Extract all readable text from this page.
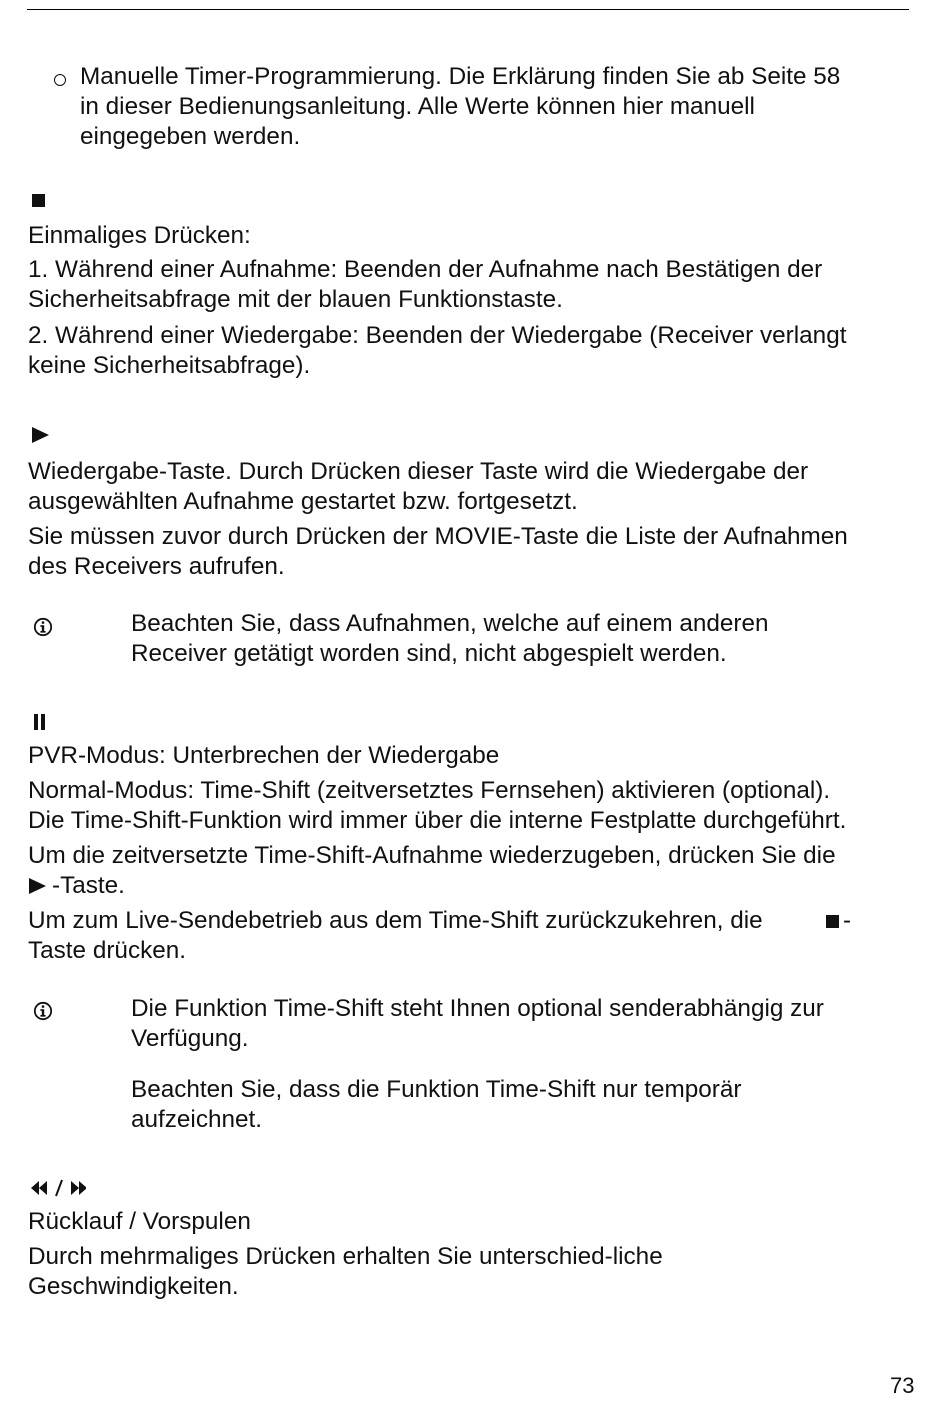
Manuelle Timer-Programmierung. Die Erklärung finden Sie ab Seite 58

in dieser Bedienungsanleitung. Alle Werte können hier manuell

eingegeben werden.

Einmaliges Drücken:

1. Während einer Aufnahme: Beenden der Aufnahme nach Bestätigen der

Sicherheitsabfrage mit der blauen Funktionstaste.

2. Während einer Wiedergabe: Beenden der Wiedergabe (Receiver verlangt

keine Sicherheitsabfrage).

Wiedergabe-Taste. Durch Drücken dieser Taste wird die Wiedergabe der

ausgewählten Aufnahme gestartet bzw. fortgesetzt.

Sie müssen zuvor durch Drücken der MOVIE-Taste die Liste der Aufnahmen

des Receivers aufrufen.

Beachten Sie, dass Aufnahmen, welche auf einem anderen

Receiver getätigt worden sind, nicht abgespielt werden.

PVR-Modus: Unterbrechen der Wiedergabe

Normal-Modus: Time-Shift (zeitversetztes Fernsehen) aktivieren (optional).

Die Time-Shift-Funktion wird immer über die interne Festplatte durchgeführt.

Um die zeitversetzte Time-Shift-Aufnahme wiederzugeben, drücken Sie die

-Taste.

Um zum Live-Sendebetrieb aus dem Time-Shift zurückzukehren, die	-

Taste drücken.

Die Funktion Time-Shift steht Ihnen optional senderabhängig zur

Verfügung.

Beachten Sie, dass die Funktion Time-Shift nur temporär

aufzeichnet.

Rücklauf / Vorspulen

Durch mehrmaliges Drücken erhalten Sie unterschied-liche

Geschwindigkeiten.

73
